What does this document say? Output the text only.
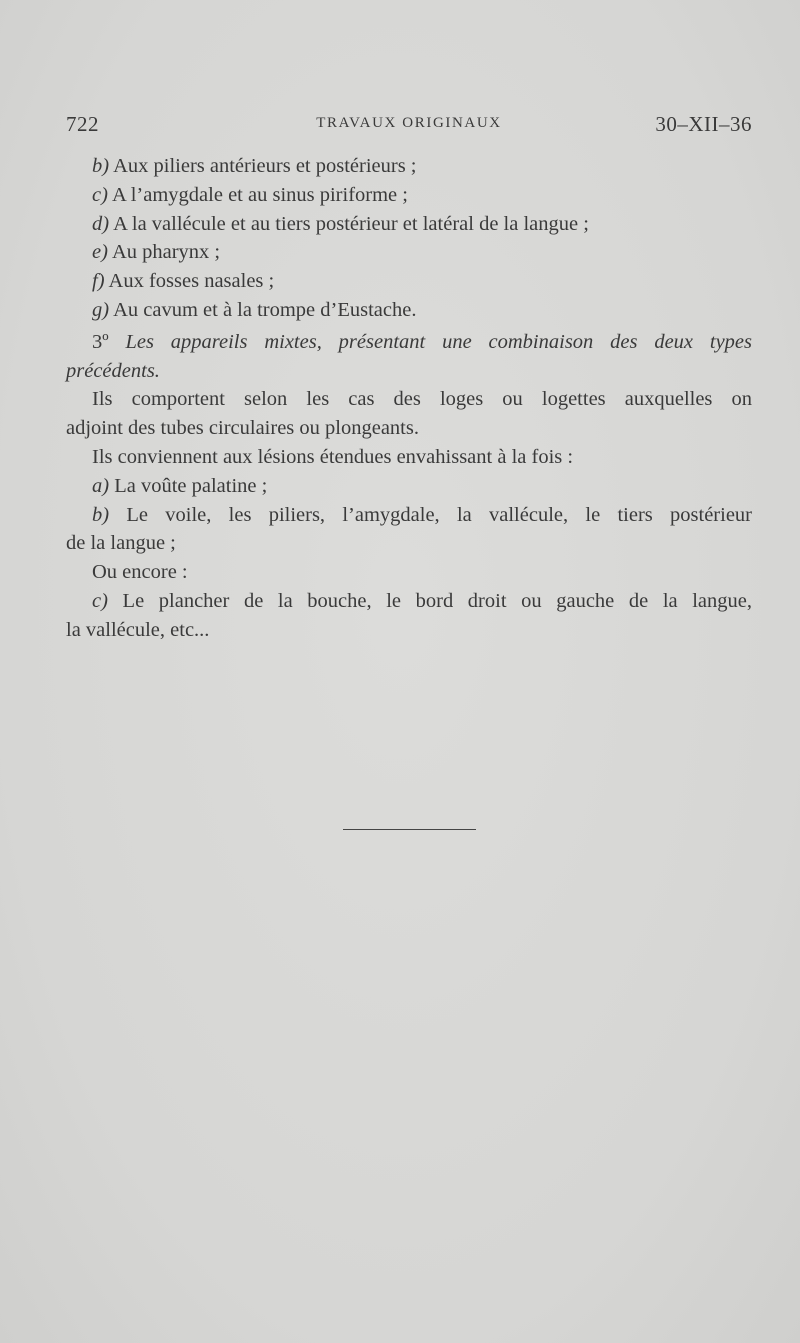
722	TRAVAUX ORIGINAUX	30–XII–36
b) Aux piliers antérieurs et postérieurs ;
c) A l’amygdale et au sinus piriforme ;
d) A la vallécule et au tiers postérieur et latéral de la langue ;
e) Au pharynx ;
f) Aux fosses nasales ;
g) Au cavum et à la trompe d’Eustache.
3º Les appareils mixtes, présentant une combinaison des deux types
précédents.
Ils comportent selon les cas des loges ou logettes auxquelles on
adjoint des tubes circulaires ou plongeants.
Ils conviennent aux lésions étendues envahissant à la fois :
a) La voûte palatine ;
b) Le voile, les piliers, l’amygdale, la vallécule, le tiers postérieur
de la langue ;
Ou encore :
c) Le plancher de la bouche, le bord droit ou gauche de la langue,
la vallécule, etc...
